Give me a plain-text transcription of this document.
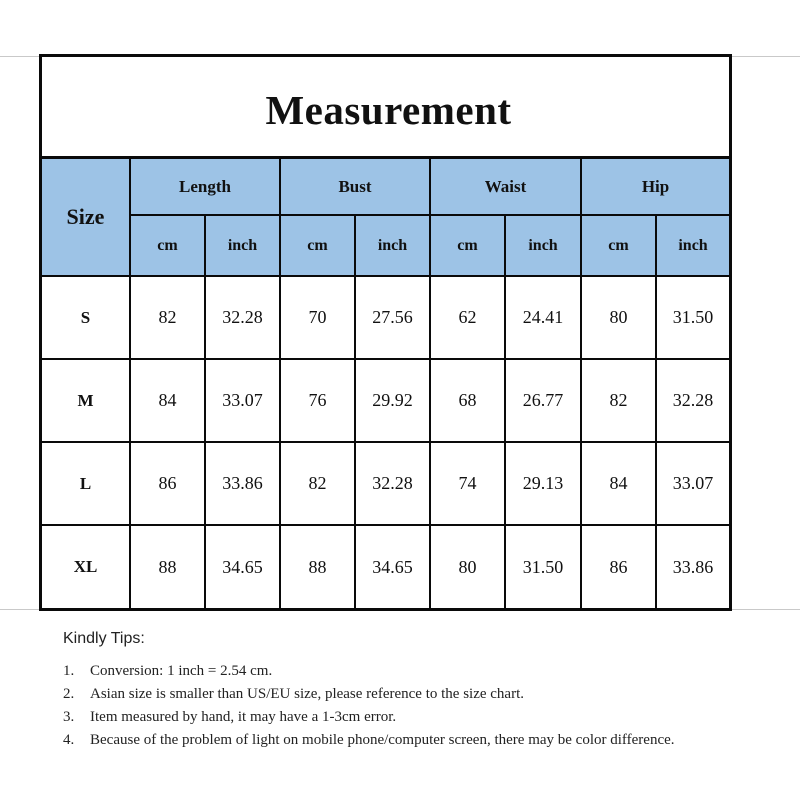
Measurement
Size	Length		Bust		Waist		Hip	
	cm	inch	cm	inch	cm	inch	cm	inch
S	82	32.28	70	27.56	62	24.41	80	31.50
M	84	33.07	76	29.92	68	26.77	82	32.28
L	86	33.86	82	32.28	74	29.13	84	33.07
XL	88	34.65	88	34.65	80	31.50	86	33.86
Kindly Tips:
1. Conversion: 1 inch = 2.54 cm.
2. Asian size is smaller than US/EU size, please reference to the size chart.
3. Item measured by hand, it may have a 1-3cm error.
4. Because of the problem of light on mobile phone/computer screen, there may be color difference.
